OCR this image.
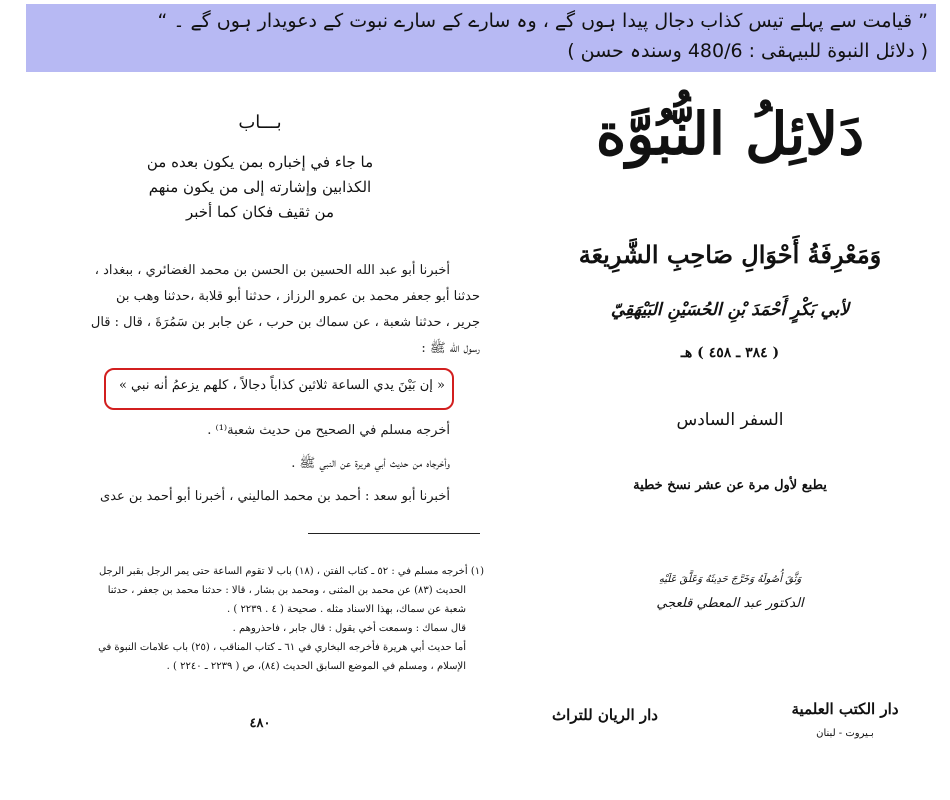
” قیامت سے پہلے تیس کذاب دجال پیدا ہوں گے ، وہ سارے کے سارے نبوت کے دعویدار ہوں گے ۔ “
( دلائل النبوة للبیہقی : 480/6 وسندہ حسن )
بـــاب
ما جاء في إخباره بمن يكون بعده من
الكذابين وإشارته إلى من يكون منهم
من ثقيف فكان كما أخبر
أخبرنا أبو عبد الله الحسين بن الحسن بن محمد الغضائري ، ببغداد ،
حدثنا أبو جعفر محمد بن عمرو الرزاز ، حدثنا أبو قلابة ،حدثنا وهب بن
جرير ، حدثنا شعبة ، عن سماك بن حرب ، عن جابر بن سَمُرَةَ ، قال : قال
رسول الله ﷺ :
« إن بَيْنَ يدي الساعة ثلاثين كذاباً دجالاً ، كلهم يزعمُ أنه نبي »
أخرجه مسلم في الصحيح من حديث شعبة⁽¹⁾ .
وأخرجاه من حديث أبي هريرة عن النبي ﷺ .
أخبرنا أبو سعد : أحمد بن محمد الماليني ، أخبرنا أبو أحمد بن عدى
(١) أخرجه مسلم في : ٥٢ ـ كتاب الفتن ، (١٨) باب لا تقوم الساعة حتى يمر الرجل بقبر الرجل
الحديث (٨٣) عن محمد بن المثنى ، ومحمد بن بشار ، قالا : حدثنا محمد بن جعفر ، حدثنا
شعبة عن سماك، بهذا الاسناد مثله . صحيحة ( ٤ . ٢٢٣٩ ) .
قال سماك : وسمعت أخي يقول : قال جابر ، فاحذروهم .
أما حديث أبي هريرة فأخرجه البخاري في ٦١ ـ كتاب المناقب ، (٢٥) باب علامات النبوة في
الإسلام ، ومسلم في الموضع السابق الحديث (٨٤)، ص ( ٢٢٣٩ ـ ٢٢٤٠ ) .
٤٨٠
دَلائِلُ النُّبُوَّة
وَمَعْرِفَةُ أَحْوَالِ صَاحِبِ الشَّرِيعَة
لأبي بَكْرٍ أَحْمَدَ بْنِ الحُسَيْنِ البَيْهَقِيّ
( ٣٨٤ ـ ٤٥٨ ) هـ
السفر السادس
يطبع لأول مرة عن عشر نسخ خطية
وَثَّقَ أُصُولَهُ وَخَرَّجَ حَدِيثَهُ وَعَلَّقَ عَلَيْهِ
الدكتور عبد المعطي قلعجي
دار الكتب العلمية
بـيروت - لبنان
دار الريان للتراث
